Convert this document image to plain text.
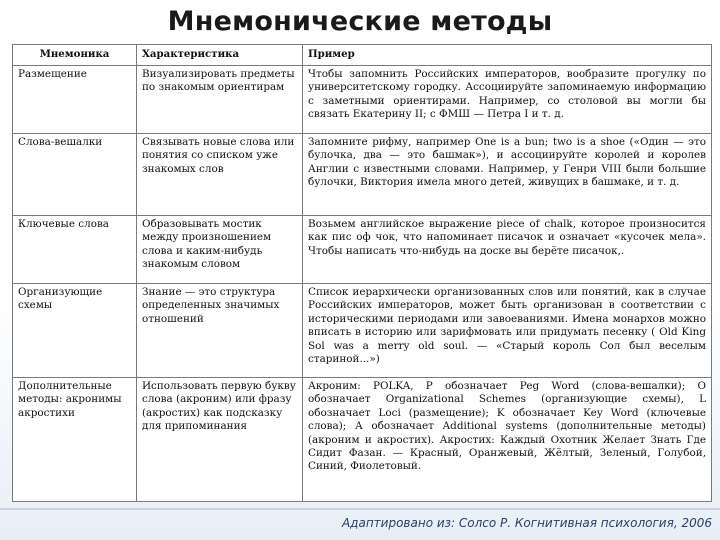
Мнемонические методы
Мнемоника	Характеристика	Пример
Размещение	Визуализировать предметы по знакомым ориентирам	Чтобы запомнить Российских императоров, вообразите прогулку по университетскому городку. Ассоциируйте запоминаемую информацию с заметными ориентирами. Например, со столовой вы могли бы связать Екатерину II; с ФМШ — Петра I и т. д.
Слова-вешалки	Связывать новые слова или понятия со списком уже знакомых слов	Запомните рифму, например One is a bun; two is a shoe («Один — это булочка, два — это башмак»), и ассоциируйте королей и королев Англии с известными словами. Например, у Генри VIII были большие булочки, Виктория имела много детей, живущих в башмаке, и т. д.
Ключевые слова	Образовывать мостик между произношением слова и каким-нибудь знакомым словом	Возьмем английское выражение piece of chalk, которое произносится как пис оф чок, что напоминает писачок и означает «кусочек мела». Чтобы написать что-нибудь на доске вы берёте писачок,.
Организующие схемы	Знание — это структура определенных значимых отношений	Список иерархически организованных слов или понятий, как в случае Российских императоров, может быть организован в соответствии с историческими периодами или завоеваниями. Имена монархов можно вписать в историю или зарифмовать или придумать песенку ( Old King Sol was a merry old soul. — «Старый король Сол был веселым стариной...»)
Дополнительные методы: акронимы акростихи	Использовать первую букву слова (акроним) или фразу (акростих) как подсказку для припоминания	Акроним: POLKA, P обозначает Peg Word (слова-вешалки); O обозначает Organizational Schemes (организующие схемы), L обозначает Loci (размещение); K обозначает Key Word (ключевые слова); A обозначает Additional systems (дополнительные методы) (акроним и акростих). Акростих: Каждый Охотник Желает Знать Где Сидит Фазан. — Красный, Оранжевый, Жёлтый, Зеленый, Голубой, Синий, Фиолетовый.
Адаптировано из: Солсо Р. Когнитивная психология, 2006
